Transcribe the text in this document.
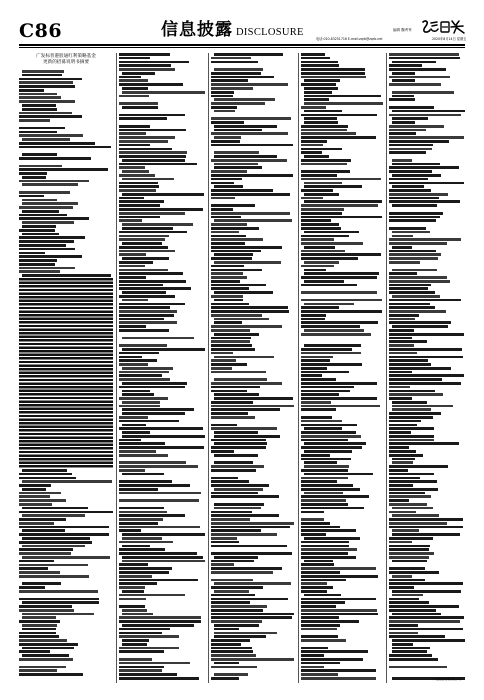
C86	信息披露 DISCLOSURE	编辑 魏秀秀
电话:010-83251716 E-mail:zqrb@zqrb.net	2020年8月14日 星期五
广发标普港股通红利策略基金
更新的招募说明书摘要
广发基金管理有限公司
